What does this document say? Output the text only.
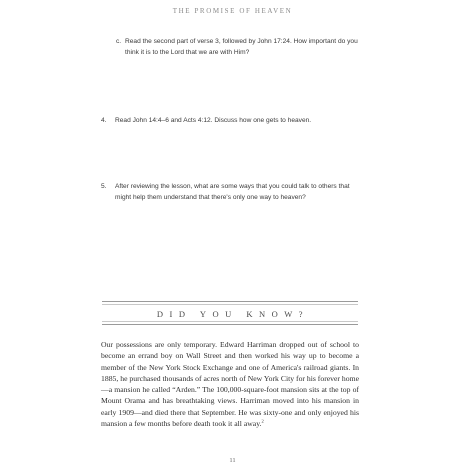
THE PROMISE OF HEAVEN
c. Read the second part of verse 3, followed by John 17:24. How important do you think it is to the Lord that we are with Him?
4. Read John 14:4–6 and Acts 4:12. Discuss how one gets to heaven.
5. After reviewing the lesson, what are some ways that you could talk to others that might help them understand that there's only one way to heaven?
DID YOU KNOW?

Our possessions are only temporary. Edward Harriman dropped out of school to become an errand boy on Wall Street and then worked his way up to become a member of the New York Stock Exchange and one of America's railroad giants. In 1885, he purchased thousands of acres north of New York City for his forever home—a mansion he called “Arden.” The 100,000-square-foot mansion sits at the top of Mount Orama and has breathtaking views. Harriman moved into his mansion in early 1909—and died there that September. He was sixty-one and only enjoyed his mansion a few months before death took it all away.$^2$

11
